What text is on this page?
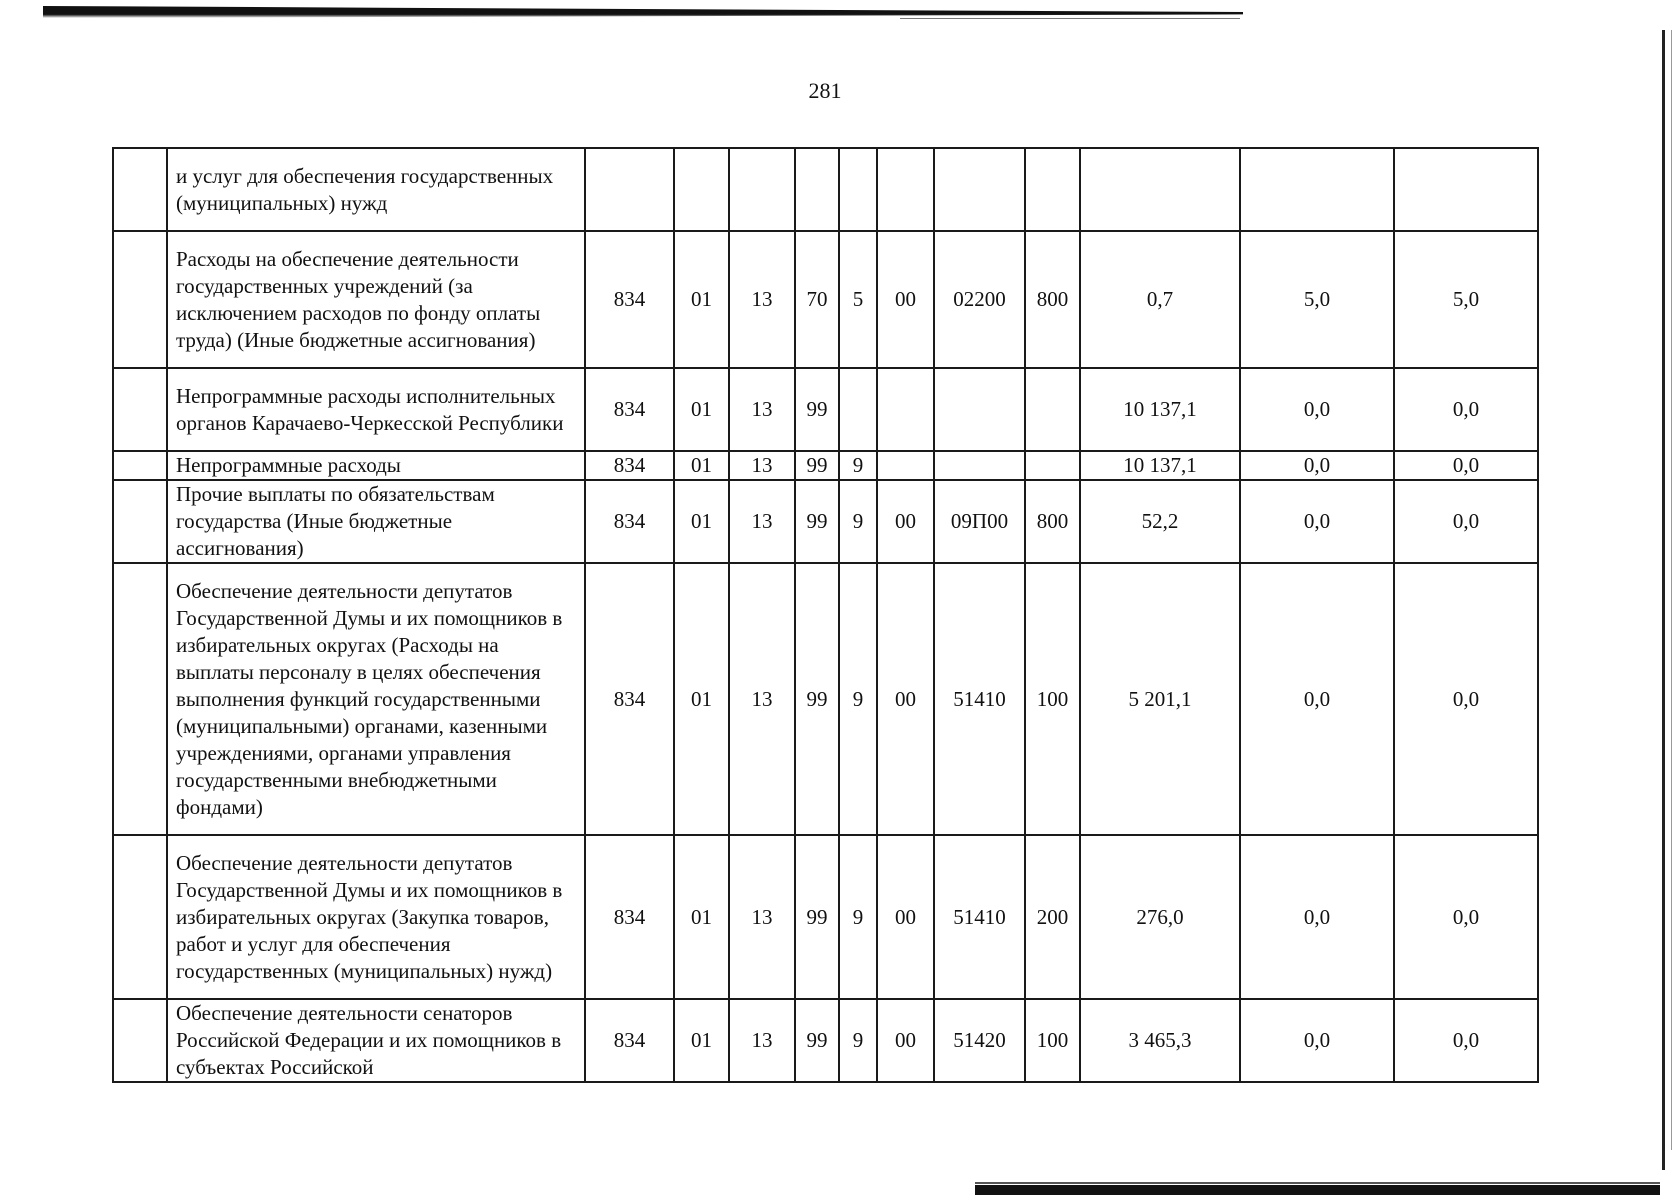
281
	и услуг для обеспечения государственных (муниципальных) нужд											
	Расходы на обеспечение деятельности государственных учреждений (за исключением расходов по фонду оплаты труда) (Иные бюджетные ассигнования)	834	01	13	70	5	00	02200	800	0,7	5,0	5,0
	Непрограммные расходы исполнительных органов Карачаево-Черкесской Республики	834	01	13	99					10 137,1	0,0	0,0
	Непрограммные расходы	834	01	13	99	9				10 137,1	0,0	0,0
	Прочие выплаты по обязательствам государства (Иные бюджетные ассигнования)	834	01	13	99	9	00	09П00	800	52,2	0,0	0,0
	Обеспечение деятельности депутатов Государственной Думы и их помощников в избирательных округах (Расходы на выплаты персоналу в целях обеспечения выполнения функций государственными (муниципальными) органами, казенными учреждениями, органами управления государственными внебюджетными фондами)	834	01	13	99	9	00	51410	100	5 201,1	0,0	0,0
	Обеспечение деятельности депутатов Государственной Думы и их помощников в избирательных округах (Закупка товаров, работ и услуг для обеспечения государственных (муниципальных) нужд)	834	01	13	99	9	00	51410	200	276,0	0,0	0,0
	Обеспечение деятельности сенаторов Российской Федерации и их помощников в субъектах Российской	834	01	13	99	9	00	51420	100	3 465,3	0,0	0,0
